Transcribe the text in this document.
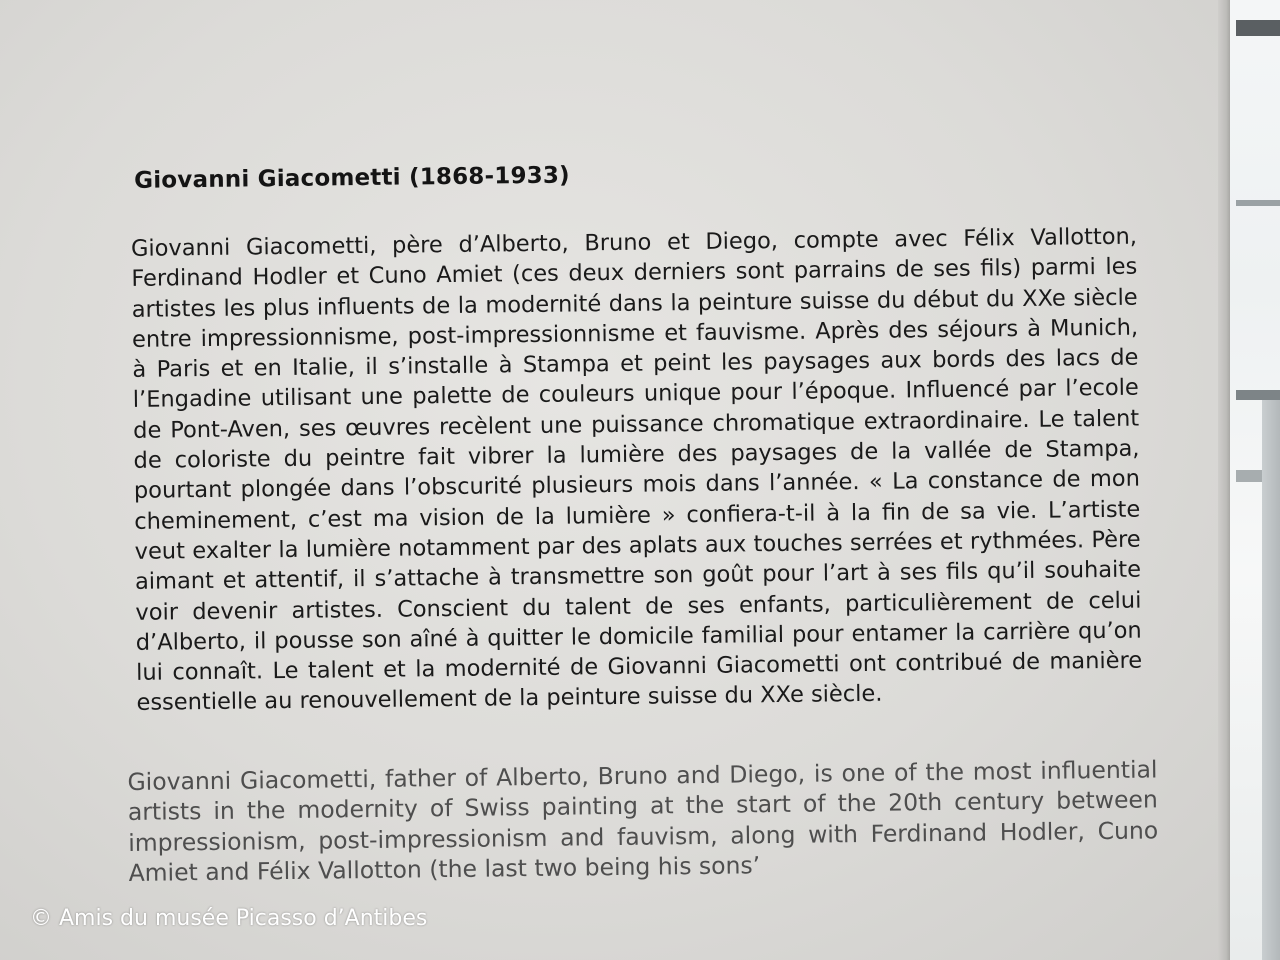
Giovanni Giacometti (1868-1933)

Giovanni Giacometti, père d’Alberto, Bruno et Diego, compte avec Félix Vallotton, Ferdinand Hodler et Cuno Amiet (ces deux derniers sont parrains de ses fils) parmi les artistes les plus influents de la modernité dans la peinture suisse du début du XXe siècle entre impressionnisme, post-impressionnisme et fauvisme. Après des séjours à Munich, à Paris et en Italie, il s’installe à Stampa et peint les paysages aux bords des lacs de l’Engadine utilisant une palette de couleurs unique pour l’époque. Influencé par l’ecole de Pont-Aven, ses œuvres recèlent une puissance chromatique extraordinaire. Le talent de coloriste du peintre fait vibrer la lumière des paysages de la vallée de Stampa, pourtant plongée dans l’obscurité plusieurs mois dans l’année. « La constance de mon cheminement, c’est ma vision de la lumière » confiera-t-il à la fin de sa vie. L’artiste veut exalter la lumière notamment par des aplats aux touches serrées et rythmées. Père aimant et attentif, il s’attache à transmettre son goût pour l’art à ses fils qu’il souhaite voir devenir artistes. Conscient du talent de ses enfants, particulièrement de celui d’Alberto, il pousse son aîné à quitter le domicile familial pour entamer la carrière qu’on lui connaît. Le talent et la modernité de Giovanni Giacometti ont contribué de manière essentielle au renouvellement de la peinture suisse du XXe siècle.

Giovanni Giacometti, father of Alberto, Bruno and Diego, is one of the most influential artists in the modernity of Swiss painting at the start of the 20th century between impressionism, post-impressionism and fauvism, along with Ferdinand Hodler, Cuno Amiet and Félix Vallotton (the last two being his sons’

© Amis du musée Picasso d’Antibes
